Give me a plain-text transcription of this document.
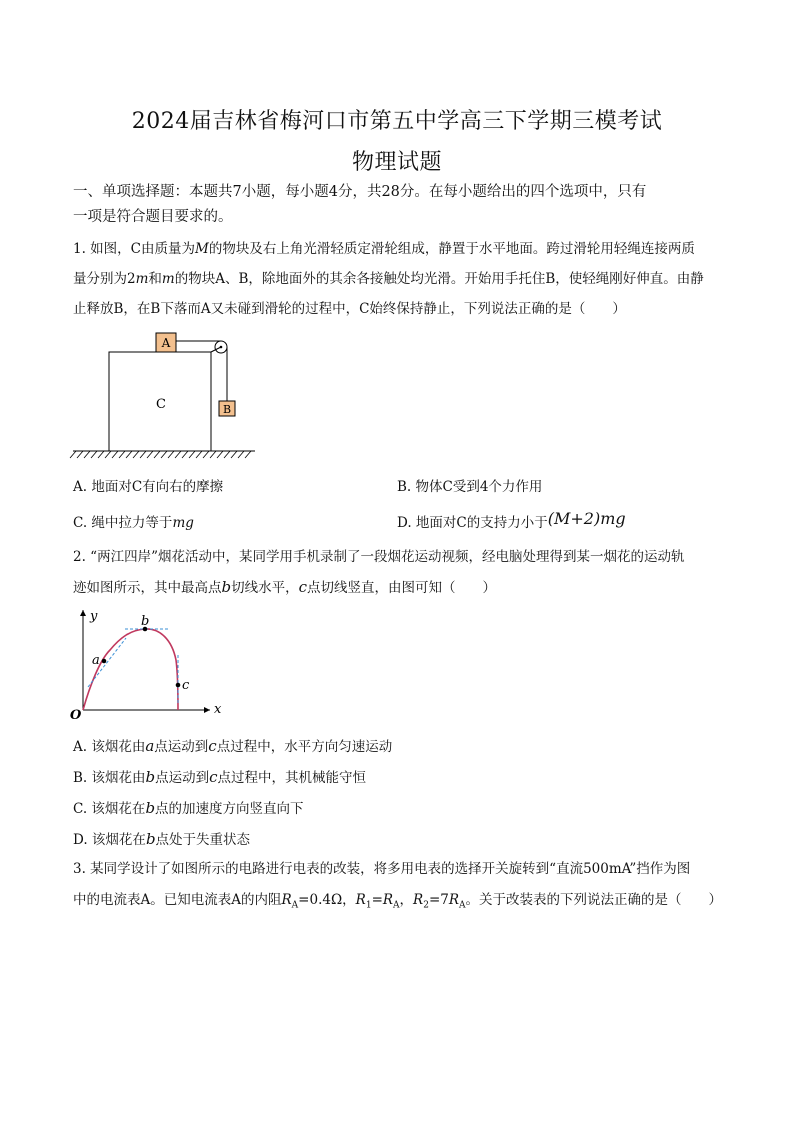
2024届吉林省梅河口市第五中学高三下学期三模考试
物理试题
一、单项选择题：本题共7小题，每小题4分，共28分。在每小题给出的四个选项中，只有
一项是符合题目要求的。
1. 如图，C由质量为M的物块及右上角光滑轻质定滑轮组成，静置于水平地面。跨过滑轮用轻绳连接两质
量分别为2m和m的物块A、B，除地面外的其余各接触处均光滑。开始用手托住B，使轻绳刚好伸直。由静
止释放B，在B下落而A又未碰到滑轮的过程中，C始终保持静止，下列说法正确的是（　　）
C
A
B
A. 地面对C有向右的摩擦	B. 物体C受到4个力作用
C. 绳中拉力等于mg	D. 地面对C的支持力小于(M+2)mg
2. “两江四岸”烟花活动中，某同学用手机录制了一段烟花运动视频，经电脑处理得到某一烟花的运动轨
迹如图所示，其中最高点b切线水平，c点切线竖直，由图可知（　　）
y
x
O
a
b
c
A. 该烟花由a点运动到c点过程中，水平方向匀速运动
B. 该烟花由b点运动到c点过程中，其机械能守恒
C. 该烟花在b点的加速度方向竖直向下
D. 该烟花在b点处于失重状态
3. 某同学设计了如图所示的电路进行电表的改装，将多用电表的选择开关旋转到“直流500mA”挡作为图
中的电流表A。已知电流表A的内阻$R_A=0.4\Omega$，$R_1=R_A$，$R_2=7R_A$。关于改装表的下列说法正确的是（　　）
